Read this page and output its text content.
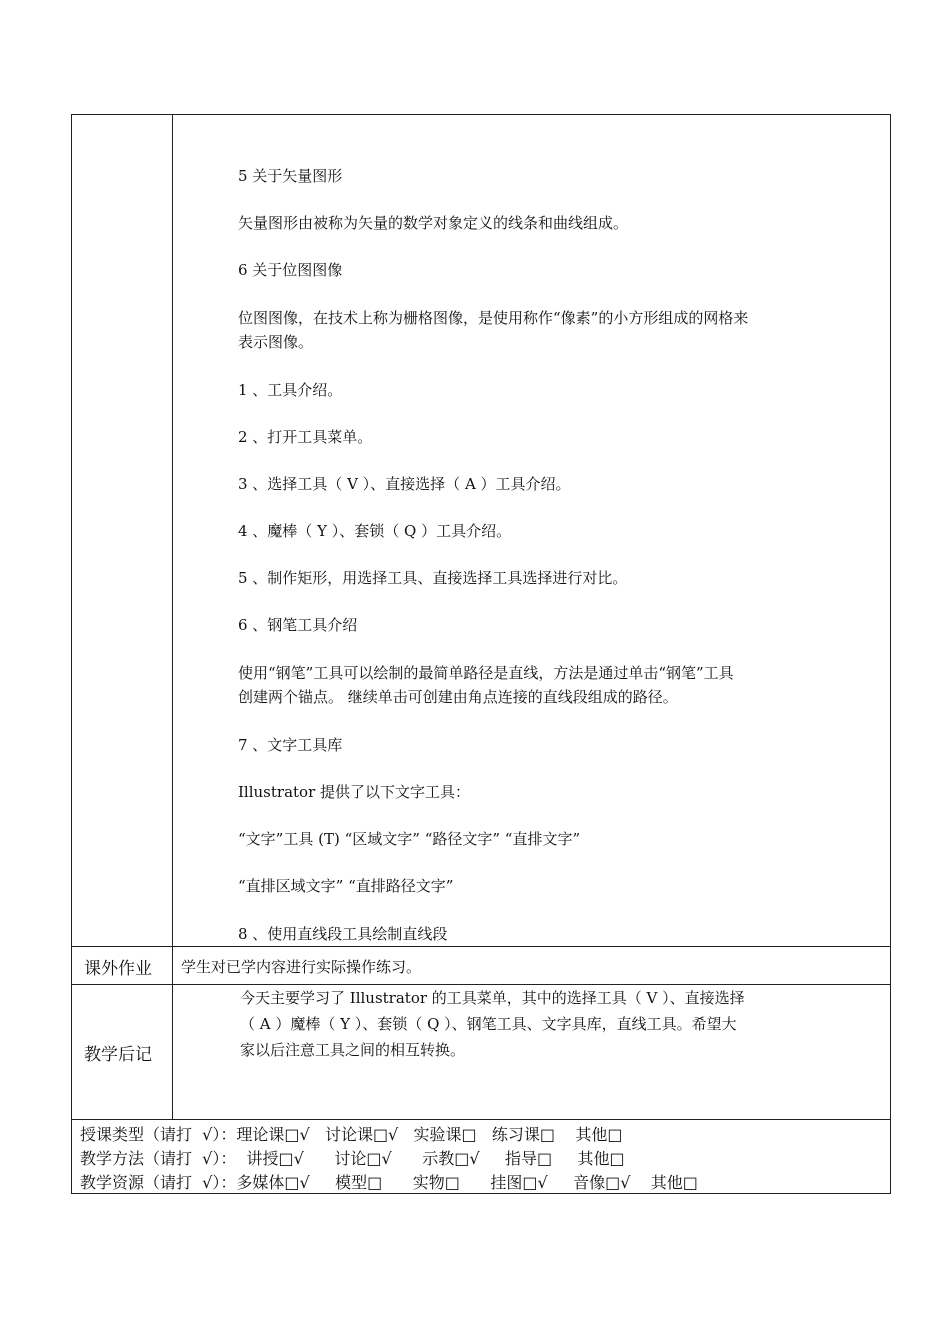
5 关于矢量图形
矢量图形由被称为矢量的数学对象定义的线条和曲线组成。
6 关于位图图像
位图图像，在技术上称为栅格图像，是使用称作“像素”的小方形组成的网格来
表示图像。
1 、工具介绍。
2 、打开工具菜单。
3 、选择工具（ V ）、直接选择（ A ）工具介绍。
4 、魔棒（ Y ）、套锁（ Q ）工具介绍。
5 、制作矩形，用选择工具、直接选择工具选择进行对比。
6 、钢笔工具介绍
使用“钢笔”工具可以绘制的最简单路径是直线，方法是通过单击“钢笔”工具
创建两个锚点。 继续单击可创建由角点连接的直线段组成的路径。
7 、文字工具库
Illustrator 提供了以下文字工具：
“文字”工具 (T) “区域文字” “路径文字” “直排文字”
“直排区域文字” “直排路径文字”
8 、使用直线段工具绘制直线段
课外作业 学生对已学内容进行实际操作练习。
教学后记
今天主要学习了 Illustrator 的工具菜单，其中的选择工具（ V ）、直接选择
（ A ）魔棒（ Y ）、套锁（ Q ）、钢笔工具、文字具库，直线工具。希望大
家以后注意工具之间的相互转换。
授课类型（请打  √）：理论课□√   讨论课□√   实验课□   练习课□    其他□
教学方法（请打  √）：  讲授□√      讨论□√      示教□√     指导□     其他□
教学资源（请打  √）：多媒体□√     模型□      实物□      挂图□√     音像□√    其他□
